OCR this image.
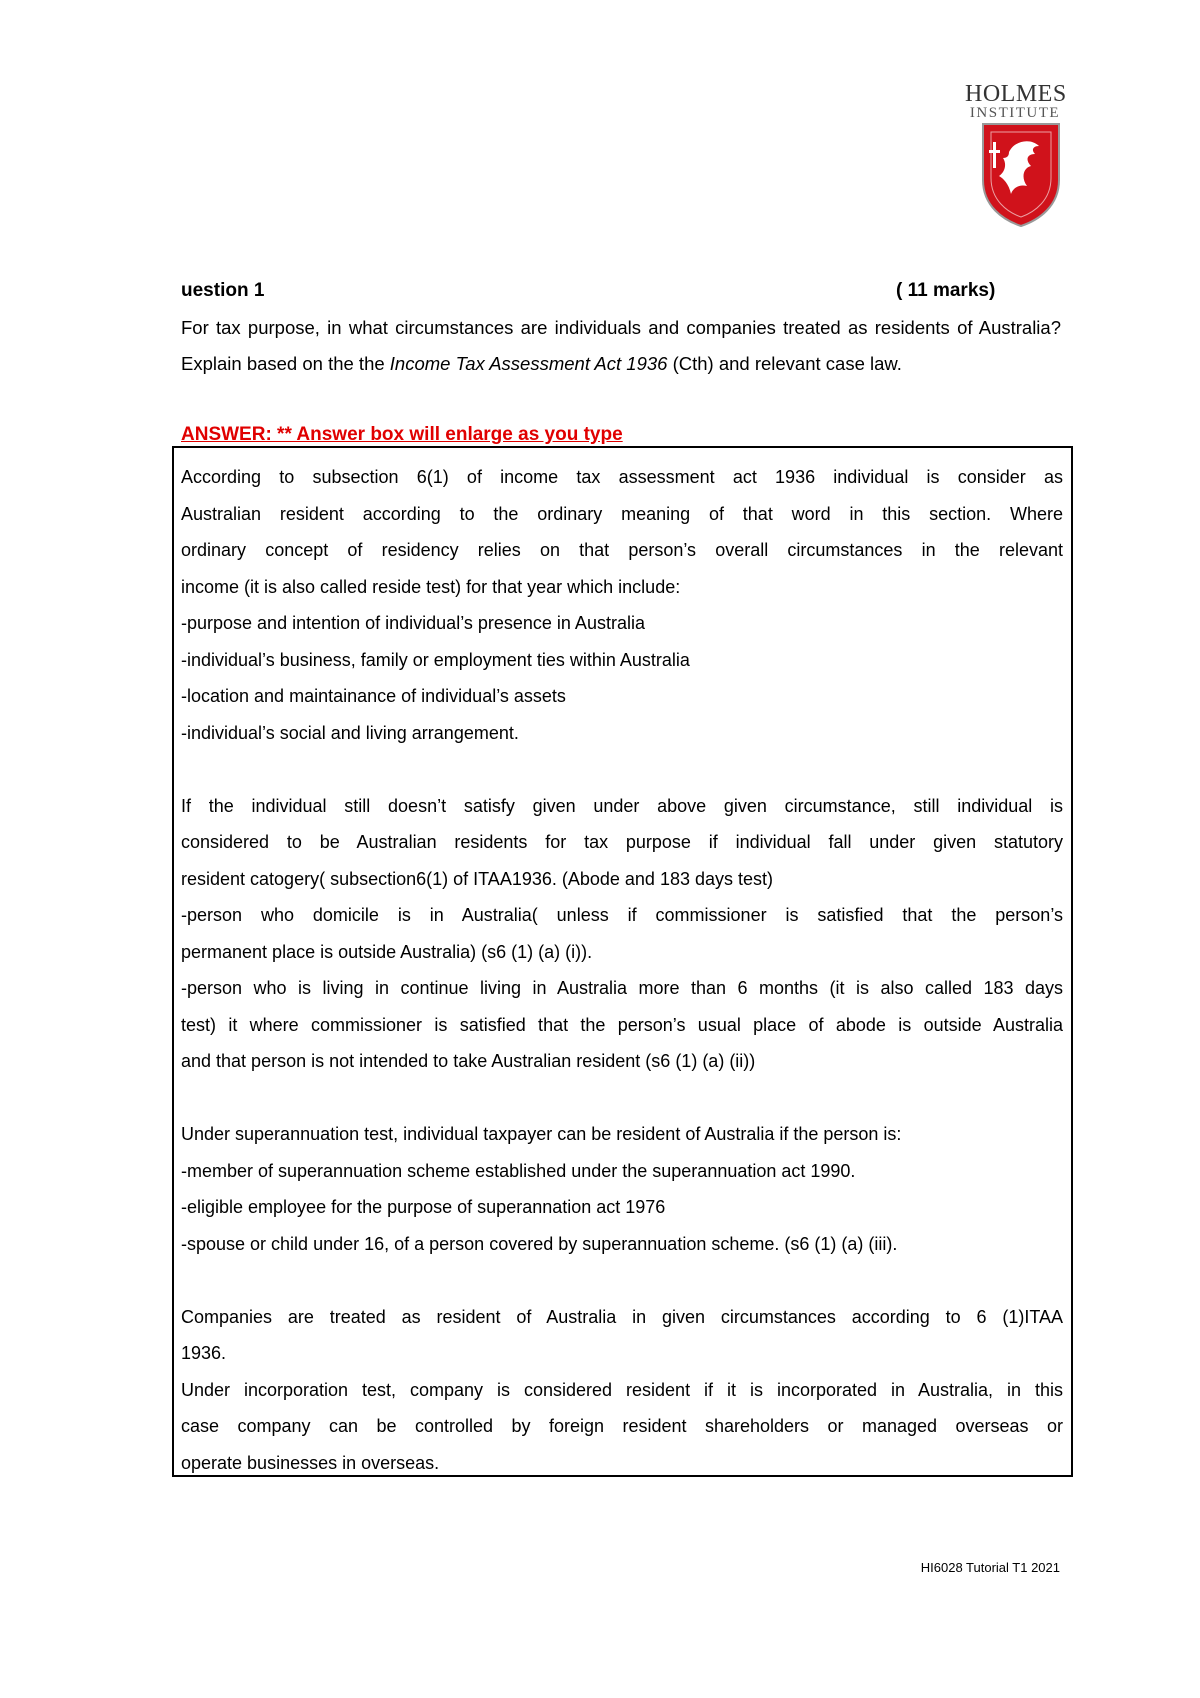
HOLMES
INSTITUTE
uestion 1	( 11 marks)
For tax purpose, in what circumstances are individuals and companies treated as residents of Australia? Explain based on the the Income Tax Assessment Act 1936 (Cth) and relevant case law.
ANSWER: ** Answer box will enlarge as you type

According to subsection 6(1) of income tax assessment act 1936 individual is consider as

Australian resident according to the ordinary meaning of that word in this section. Where

ordinary concept of residency relies on that person’s overall circumstances in the relevant

income (it is also called reside test) for that year which include:

-purpose and intention of individual’s presence in Australia

-individual’s business, family or employment ties within Australia

-location and maintainance of individual’s assets

-individual’s social and living arrangement.

If the individual still doesn’t satisfy given under above given circumstance, still individual is

considered to be Australian residents for tax purpose if individual fall under given statutory

resident catogery( subsection6(1) of ITAA1936. (Abode and 183 days test)

-person who domicile is in Australia( unless if commissioner is satisfied that the person’s

permanent place is outside Australia) (s6 (1) (a) (i)).

-person who is living in continue living in Australia more than 6 months (it is also called 183 days

test) it where commissioner is satisfied that the person’s usual place of abode is outside Australia

and that person is not intended to take Australian resident (s6 (1) (a) (ii))

Under superannuation test, individual taxpayer can be resident of Australia if the person is:

-member of superannuation scheme established under the superannuation act 1990.

-eligible employee for the purpose of superannation act 1976

-spouse or child under 16, of a person covered by superannuation scheme. (s6 (1) (a) (iii).

Companies are treated as resident of Australia in given circumstances according to 6 (1)ITAA

1936.

Under incorporation test, company is considered resident if it is incorporated in Australia, in this

case company can be controlled by foreign resident shareholders or managed overseas or

operate businesses in overseas.

HI6028 Tutorial T1 2021
